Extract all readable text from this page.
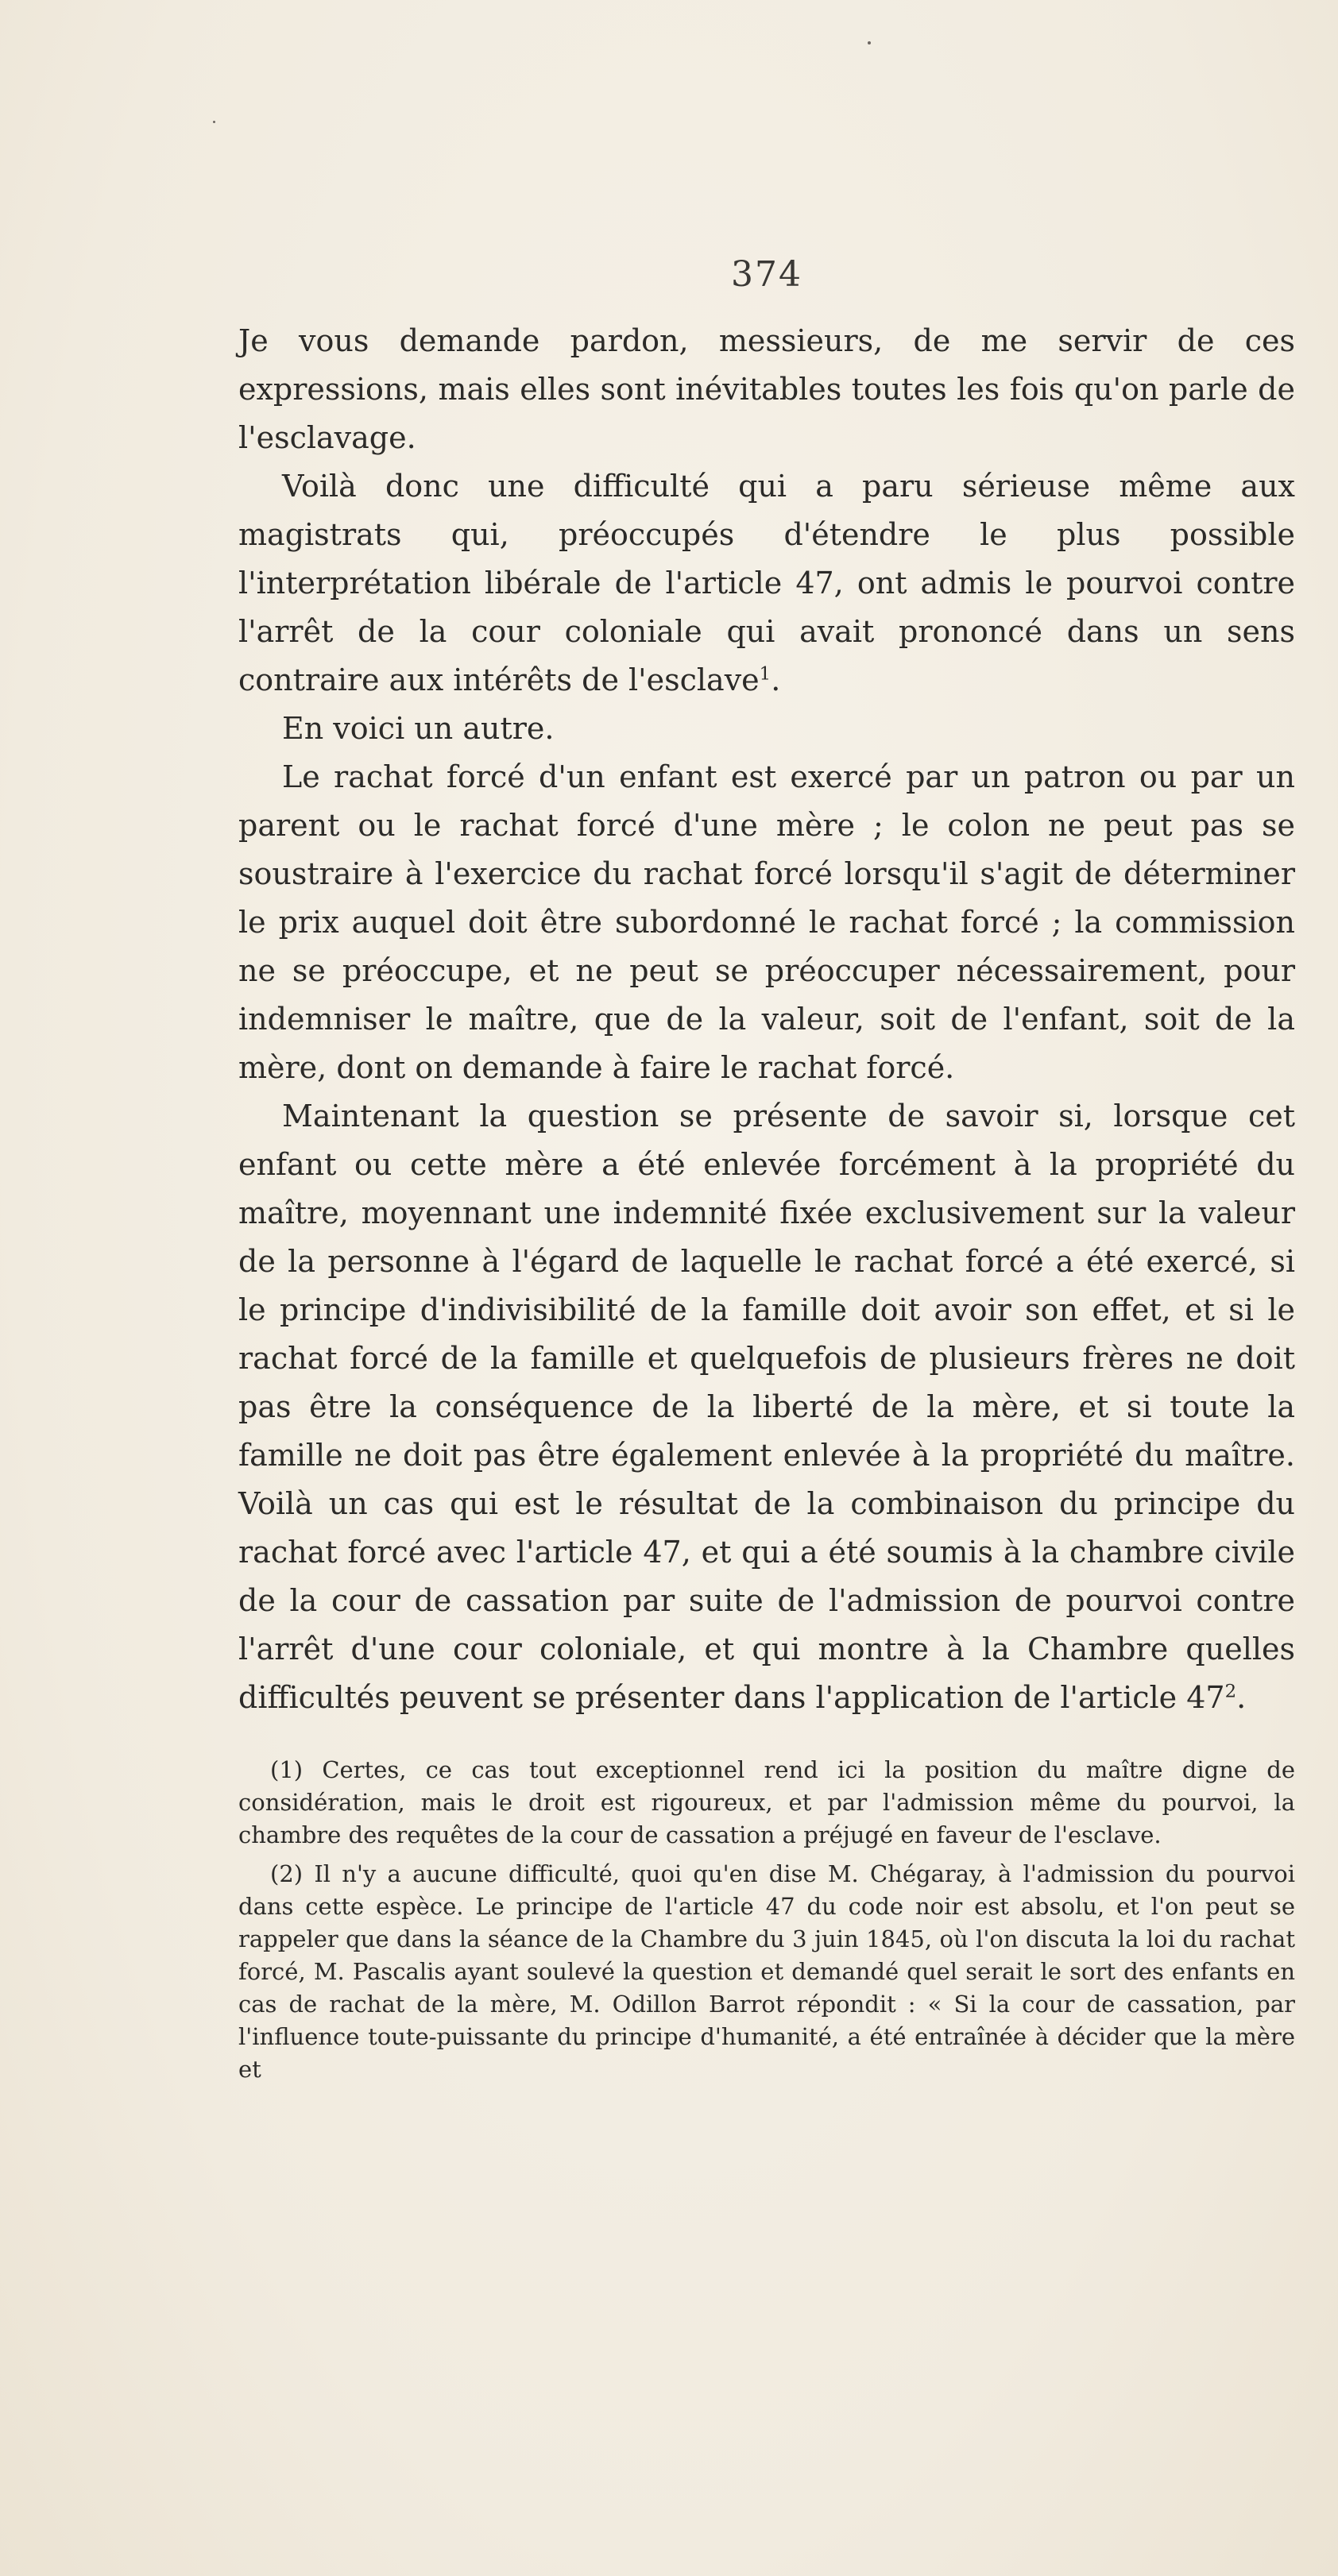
374

Je vous demande pardon, messieurs, de me servir de ces expressions, mais elles sont inévitables toutes les fois qu'on parle de l'esclavage.

Voilà donc une difficulté qui a paru sérieuse même aux magistrats qui, préoccupés d'étendre le plus possible l'interprétation libérale de l'article 47, ont admis le pourvoi contre l'arrêt de la cour coloniale qui avait prononcé dans un sens contraire aux intérêts de l'esclave$^1$.

En voici un autre.

Le rachat forcé d'un enfant est exercé par un patron ou par un parent ou le rachat forcé d'une mère ; le colon ne peut pas se soustraire à l'exercice du rachat forcé lorsqu'il s'agit de déterminer le prix auquel doit être subordonné le rachat forcé ; la commission ne se préoccupe, et ne peut se préoccuper nécessairement, pour indemniser le maître, que de la valeur, soit de l'enfant, soit de la mère, dont on demande à faire le rachat forcé.

Maintenant la question se présente de savoir si, lorsque cet enfant ou cette mère a été enlevée forcément à la propriété du maître, moyennant une indemnité fixée exclusivement sur la valeur de la personne à l'égard de laquelle le rachat forcé a été exercé, si le principe d'indivisibilité de la famille doit avoir son effet, et si le rachat forcé de la famille et quelquefois de plusieurs frères ne doit pas être la conséquence de la liberté de la mère, et si toute la famille ne doit pas être également enlevée à la propriété du maître. Voilà un cas qui est le résultat de la combinaison du principe du rachat forcé avec l'article 47, et qui a été soumis à la chambre civile de la cour de cassation par suite de l'admission de pourvoi contre l'arrêt d'une cour coloniale, et qui montre à la Chambre quelles difficultés peuvent se présenter dans l'application de l'article $47^2$.

(1) Certes, ce cas tout exceptionnel rend ici la position du maître digne de considération, mais le droit est rigoureux, et par l'admission même du pourvoi, la chambre des requêtes de la cour de cassation a préjugé en faveur de l'esclave.

(2) Il n'y a aucune difficulté, quoi qu'en dise M. Chégaray, à l'admission du pourvoi dans cette espèce. Le principe de l'article 47 du code noir est absolu, et l'on peut se rappeler que dans la séance de la Chambre du 3 juin 1845, où l'on discuta la loi du rachat forcé, M. Pascalis ayant soulevé la question et demandé quel serait le sort des enfants en cas de rachat de la mère, M. Odillon Barrot répondit : « Si la cour de cassation, par l'influence toute-puissante du principe d'humanité, a été entraînée à décider que la mère et
